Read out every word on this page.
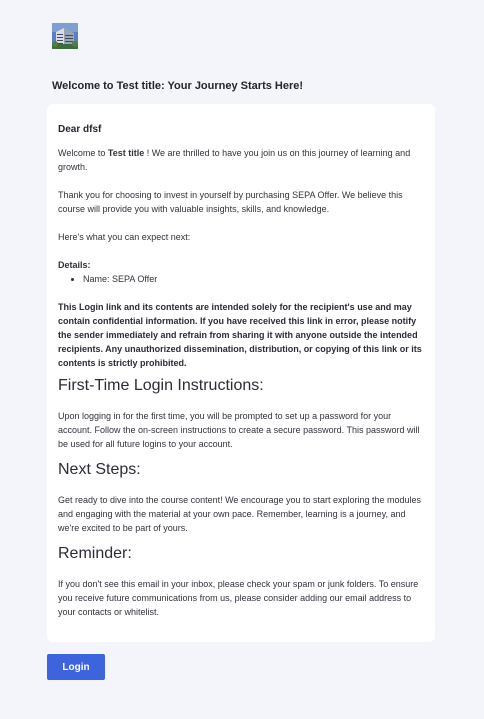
Welcome to Test title: Your Journey Starts Here!

Dear dfsf

Welcome to Test title ! We are thrilled to have you join us on this journey of learning and growth.

Thank you for choosing to invest in yourself by purchasing SEPA Offer. We believe this course will provide you with valuable insights, skills, and knowledge.

Here's what you can expect next:

Details:

• Name: SEPA Offer

This Login link and its contents are intended solely for the recipient's use and may contain confidential information. If you have received this link in error, please notify the sender immediately and refrain from sharing it with anyone outside the intended recipients. Any unauthorized dissemination, distribution, or copying of this link or its contents is strictly prohibited.

First-Time Login Instructions:

Upon logging in for the first time, you will be prompted to set up a password for your account. Follow the on-screen instructions to create a secure password. This password will be used for all future logins to your account.

Next Steps:

Get ready to dive into the course content! We encourage you to start exploring the modules and engaging with the material at your own pace. Remember, learning is a journey, and we're excited to be part of yours.

Reminder:

If you don't see this email in your inbox, please check your spam or junk folders. To ensure you receive future communications from us, please consider adding our email address to your contacts or whitelist.

Login
